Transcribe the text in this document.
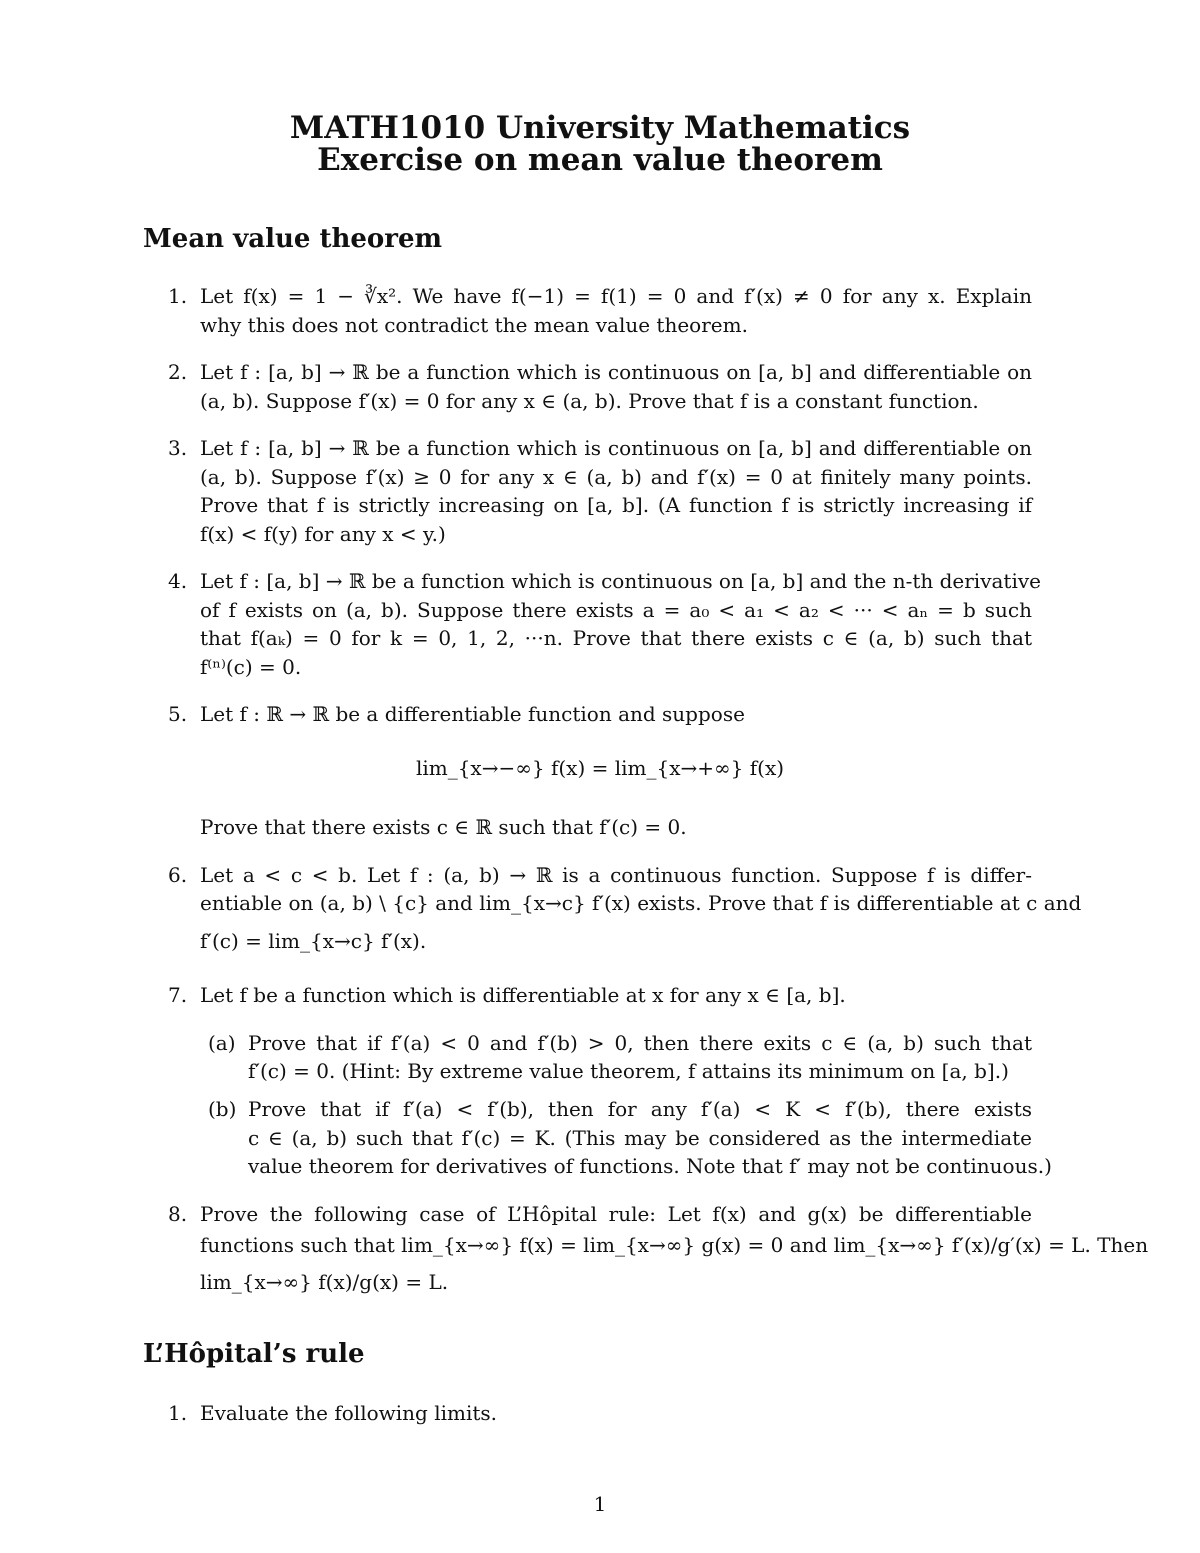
MATH1010 University Mathematics
Exercise on mean value theorem
Mean value theorem
1. Let f(x) = 1 − ∛x². We have f(−1) = f(1) = 0 and f′(x) ≠ 0 for any x. Explain
why this does not contradict the mean value theorem.
2. Let f : [a, b] → ℝ be a function which is continuous on [a, b] and differentiable on
(a, b). Suppose f′(x) = 0 for any x ∈ (a, b). Prove that f is a constant function.
3. Let f : [a, b] → ℝ be a function which is continuous on [a, b] and differentiable on
(a, b). Suppose f′(x) ≥ 0 for any x ∈ (a, b) and f′(x) = 0 at finitely many points.
Prove that f is strictly increasing on [a, b]. (A function f is strictly increasing if
f(x) < f(y) for any x < y.)
4. Let f : [a, b] → ℝ be a function which is continuous on [a, b] and the n-th derivative
of f exists on (a, b). Suppose there exists a = a₀ < a₁ < a₂ < ··· < aₙ = b such
that f(aₖ) = 0 for k = 0, 1, 2, ···n. Prove that there exists c ∈ (a, b) such that
f⁽ⁿ⁾(c) = 0.
5. Let f : ℝ → ℝ be a differentiable function and suppose
lim_{x→−∞} f(x) = lim_{x→+∞} f(x)
Prove that there exists c ∈ ℝ such that f′(c) = 0.
6. Let a < c < b. Let f : (a, b) → ℝ is a continuous function. Suppose f is differ-
entiable on (a, b) \ {c} and lim_{x→c} f′(x) exists. Prove that f is differentiable at c and
f′(c) = lim_{x→c} f′(x).
7. Let f be a function which is differentiable at x for any x ∈ [a, b].
(a) Prove that if f′(a) < 0 and f′(b) > 0, then there exits c ∈ (a, b) such that
f′(c) = 0. (Hint: By extreme value theorem, f attains its minimum on [a, b].)
(b) Prove that if f′(a) < f′(b), then for any f′(a) < K < f′(b), there exists
c ∈ (a, b) such that f′(c) = K. (This may be considered as the intermediate
value theorem for derivatives of functions. Note that f′ may not be continuous.)
8. Prove the following case of L’Hôpital rule: Let f(x) and g(x) be differentiable
functions such that lim_{x→∞} f(x) = lim_{x→∞} g(x) = 0 and lim_{x→∞} f′(x)/g′(x) = L. Then
lim_{x→∞} f(x)/g(x) = L.
L’Hôpital’s rule
1. Evaluate the following limits.
1
